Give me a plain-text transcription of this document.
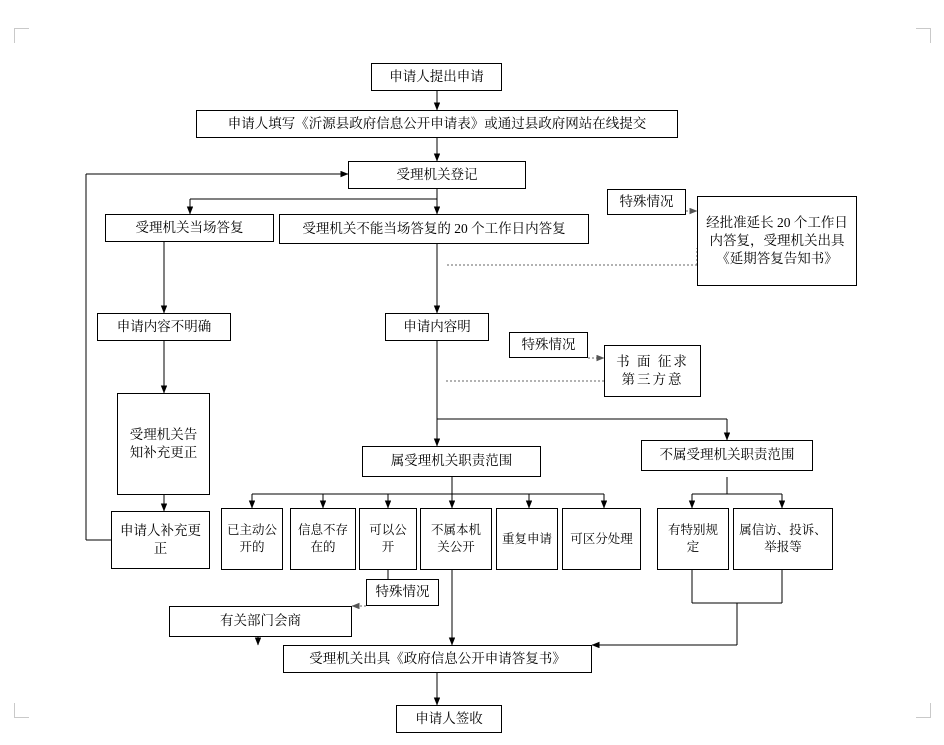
申请人提出申请
申请人填写《沂源县政府信息公开申请表》或通过县政府网站在线提交
受理机关登记
受理机关当场答复	受理机关不能当场答复的 20 个工作日内答复
特殊情况
经批准延长 20 个工作日内答复，受理机关出具《延期答复告知书》
申请内容不明确	申请内容明
特殊情况
书 面 征求第三方意
受理机关告知补充更正
申请人补充更正
属受理机关职责范围	不属受理机关职责范围
已主动公开的
信息不存在的
可以公开
不属本机关公开
重复申请	可区分处理
有特别规定
属信访、投诉、举报等
特殊情况
有关部门会商
受理机关出具《政府信息公开申请答复书》
申请人签收
